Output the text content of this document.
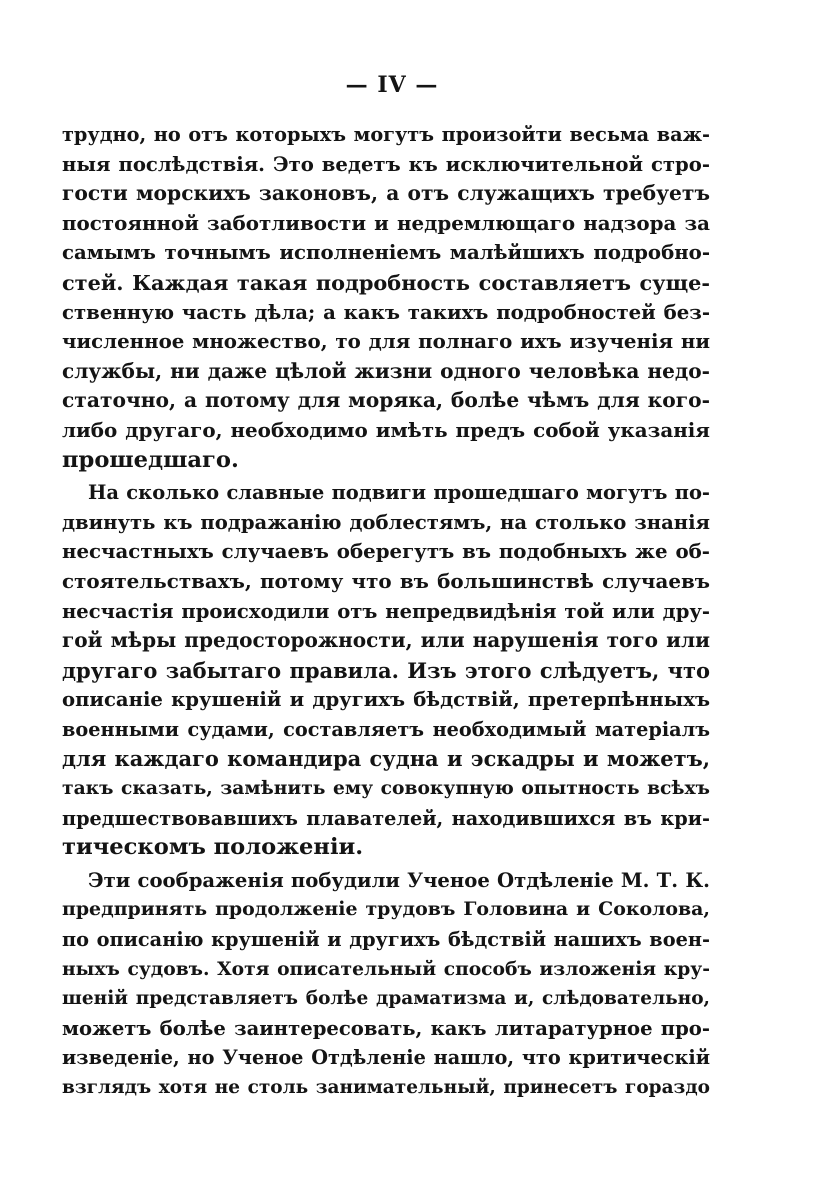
— IV —
трудно, но отъ которыхъ могутъ произойти весьма важ-
ныя послѣдствія. Это ведетъ къ исключительной стро-
гости морскихъ законовъ, а отъ служащихъ требуетъ
постоянной заботливости и недремлющаго надзора за
самымъ точнымъ исполненіемъ малѣйшихъ подробно-
стей. Каждая такая подробность составляетъ суще-
ственную часть дѣла; а какъ такихъ подробностей без-
численное множество, то для полнаго ихъ изученія ни
службы, ни даже цѣлой жизни одного человѣка недо-
статочно, а потому для моряка, болѣе чѣмъ для кого-
либо другаго, необходимо имѣть предъ собой указанія
прошедшаго.
На сколько славные подвиги прошедшаго могутъ по-
двинуть къ подражанію доблестямъ, на столько знанія
несчастныхъ случаевъ оберегутъ въ подобныхъ же об-
стоятельствахъ, потому что въ большинствѣ случаевъ
несчастія происходили отъ непредвидѣнія той или дру-
гой мѣры предосторожности, или нарушенія того или
другаго забытаго правила. Изъ этого слѣдуетъ, что
описаніе крушеній и другихъ бѣдствій, претерпѣнныхъ
военными судами, составляетъ необходимый матеріалъ
для каждаго командира судна и эскадры и можетъ,
такъ сказать, замѣнить ему совокупную опытность всѣхъ
предшествовавшихъ плавателей, находившихся въ кри-
тическомъ положеніи.
Эти соображенія побудили Ученое Отдѣленіе М. Т. К.
предпринять продолженіе трудовъ Головина и Соколова,
по описанію крушеній и другихъ бѣдствій нашихъ воен-
ныхъ судовъ. Хотя описательный способъ изложенія кру-
шеній представляетъ болѣе драматизма и, слѣдовательно,
можетъ болѣе заинтересовать, какъ литаратурное про-
изведеніе, но Ученое Отдѣленіе нашло, что критическій
взглядъ хотя не столь занимательный, принесетъ гораздо
